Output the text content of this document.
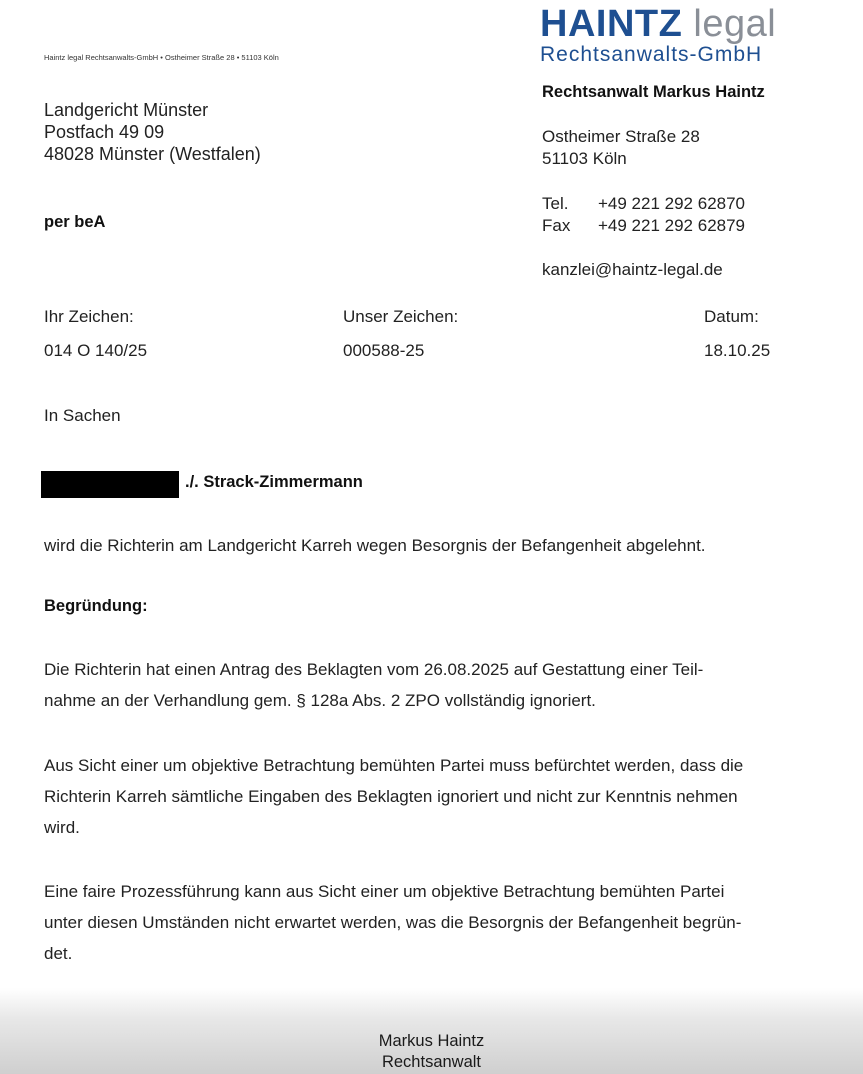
HAINTZ legal
Rechtsanwalts-GmbH
Haintz legal Rechtsanwalts-GmbH • Ostheimer Straße 28 • 51103 Köln
Landgericht Münster
Postfach 49 09
48028 Münster (Westfalen)
Rechtsanwalt Markus Haintz
Ostheimer Straße 28
51103 Köln
Tel. +49 221 292 62870
Fax +49 221 292 62879
kanzlei@haintz-legal.de
per beA
Ihr Zeichen:
014 O 140/25
Unser Zeichen:
000588-25
Datum:
18.10.25
In Sachen
./. Strack-Zimmermann
wird die Richterin am Landgericht Karreh wegen Besorgnis der Befangenheit abgelehnt.
Begründung:
Die Richterin hat einen Antrag des Beklagten vom 26.08.2025 auf Gestattung einer Teil-
nahme an der Verhandlung gem. § 128a Abs. 2 ZPO vollständig ignoriert.
Aus Sicht einer um objektive Betrachtung bemühten Partei muss befürchtet werden, dass die
Richterin Karreh sämtliche Eingaben des Beklagten ignoriert und nicht zur Kenntnis nehmen
wird.
Eine faire Prozessführung kann aus Sicht einer um objektive Betrachtung bemühten Partei
unter diesen Umständen nicht erwartet werden, was die Besorgnis der Befangenheit begrün-
det.
Markus Haintz
Rechtsanwalt
